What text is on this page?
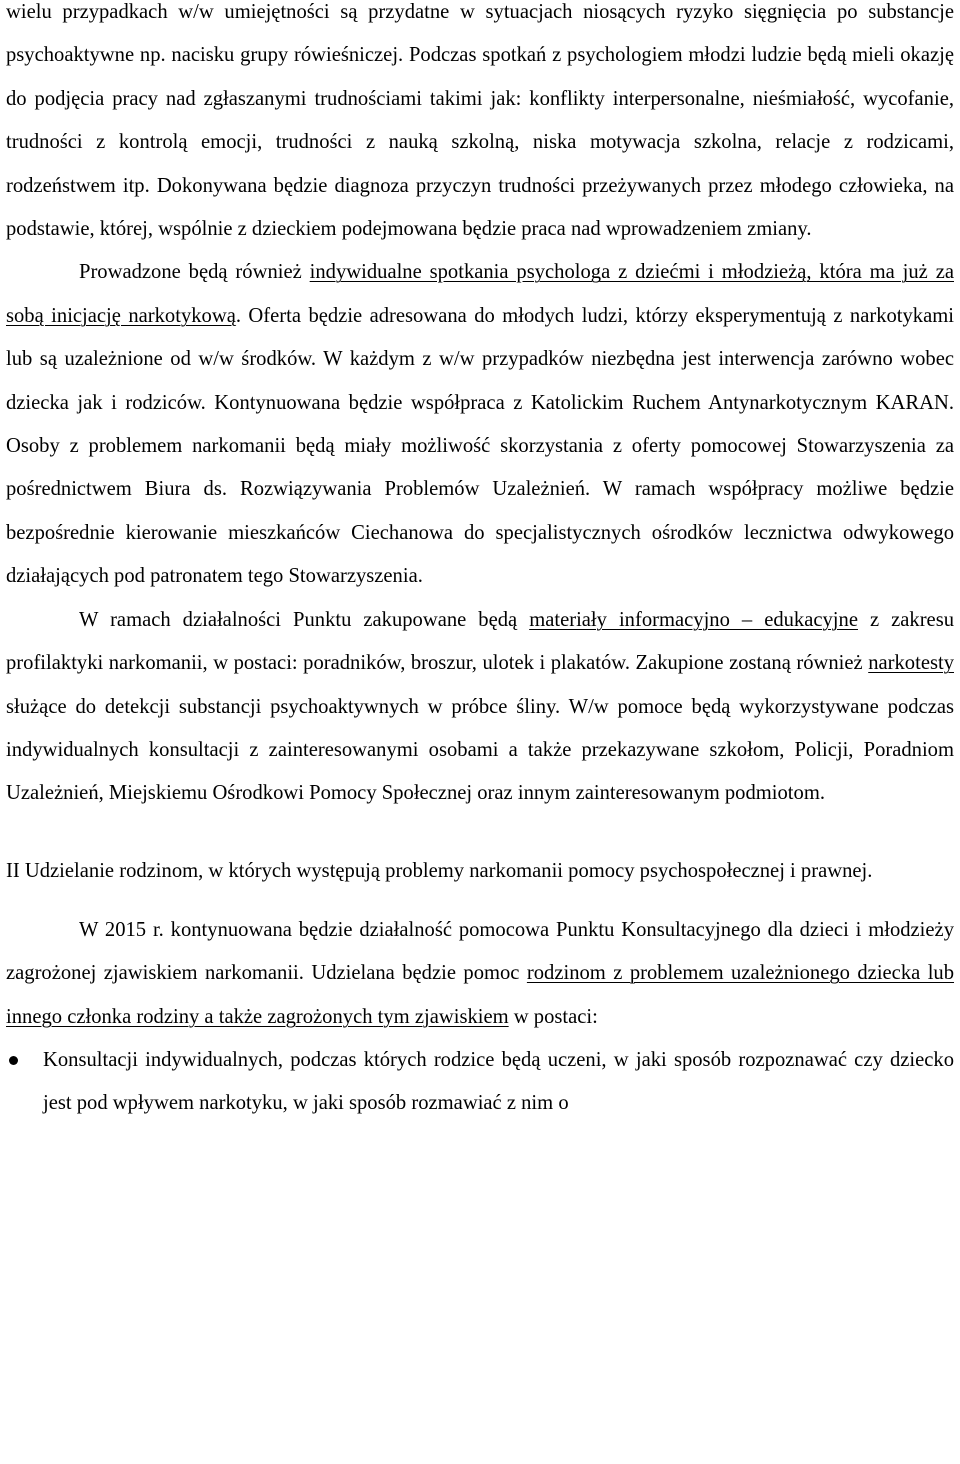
wielu przypadkach w/w umiejętności są przydatne w sytuacjach niosących ryzyko sięgnięcia po substancje psychoaktywne np. nacisku grupy rówieśniczej. Podczas spotkań z psychologiem młodzi ludzie będą mieli okazję do podjęcia pracy nad zgłaszanymi trudnościami takimi jak: konflikty interpersonalne, nieśmiałość, wycofanie, trudności z kontrolą emocji, trudności z nauką szkolną, niska motywacja szkolna, relacje z rodzicami, rodzeństwem itp. Dokonywana będzie diagnoza przyczyn trudności przeżywanych przez młodego człowieka, na podstawie, której, wspólnie z dzieckiem podejmowana będzie praca nad wprowadzeniem zmiany.

Prowadzone będą również indywidualne spotkania psychologa z dziećmi i młodzieżą, która ma już za sobą inicjację narkotykową. Oferta będzie adresowana do młodych ludzi, którzy eksperymentują z narkotykami lub są uzależnione od w/w środków. W każdym z w/w przypadków niezbędna jest interwencja zarówno wobec dziecka jak i rodziców. Kontynuowana będzie współpraca z Katolickim Ruchem Antynarkotycznym KARAN. Osoby z problemem narkomanii będą miały możliwość skorzystania z oferty pomocowej Stowarzyszenia za pośrednictwem Biura ds. Rozwiązywania Problemów Uzależnień. W ramach współpracy możliwe będzie bezpośrednie kierowanie mieszkańców Ciechanowa do specjalistycznych ośrodków lecznictwa odwykowego działających pod patronatem tego Stowarzyszenia.

W ramach działalności Punktu zakupowane będą materiały informacyjno – edukacyjne z zakresu profilaktyki narkomanii, w postaci: poradników, broszur, ulotek i plakatów. Zakupione zostaną również narkotesty służące do detekcji substancji psychoaktywnych w próbce śliny. W/w pomoce będą wykorzystywane podczas indywidualnych konsultacji z zainteresowanymi osobami a także przekazywane szkołom, Policji, Poradniom Uzależnień, Miejskiemu Ośrodkowi Pomocy Społecznej oraz innym zainteresowanym podmiotom.

II Udzielanie rodzinom, w których występują problemy narkomanii pomocy psychospołecznej i prawnej.

W 2015 r. kontynuowana będzie działalność pomocowa Punktu Konsultacyjnego dla dzieci i młodzieży zagrożonej zjawiskiem narkomanii. Udzielana będzie pomoc rodzinom z problemem uzależnionego dziecka lub innego członka rodziny a także zagrożonych tym zjawiskiem w postaci:

Konsultacji indywidualnych, podczas których rodzice będą uczeni, w jaki sposób rozpoznawać czy dziecko jest pod wpływem narkotyku, w jaki sposób rozmawiać z nim o
